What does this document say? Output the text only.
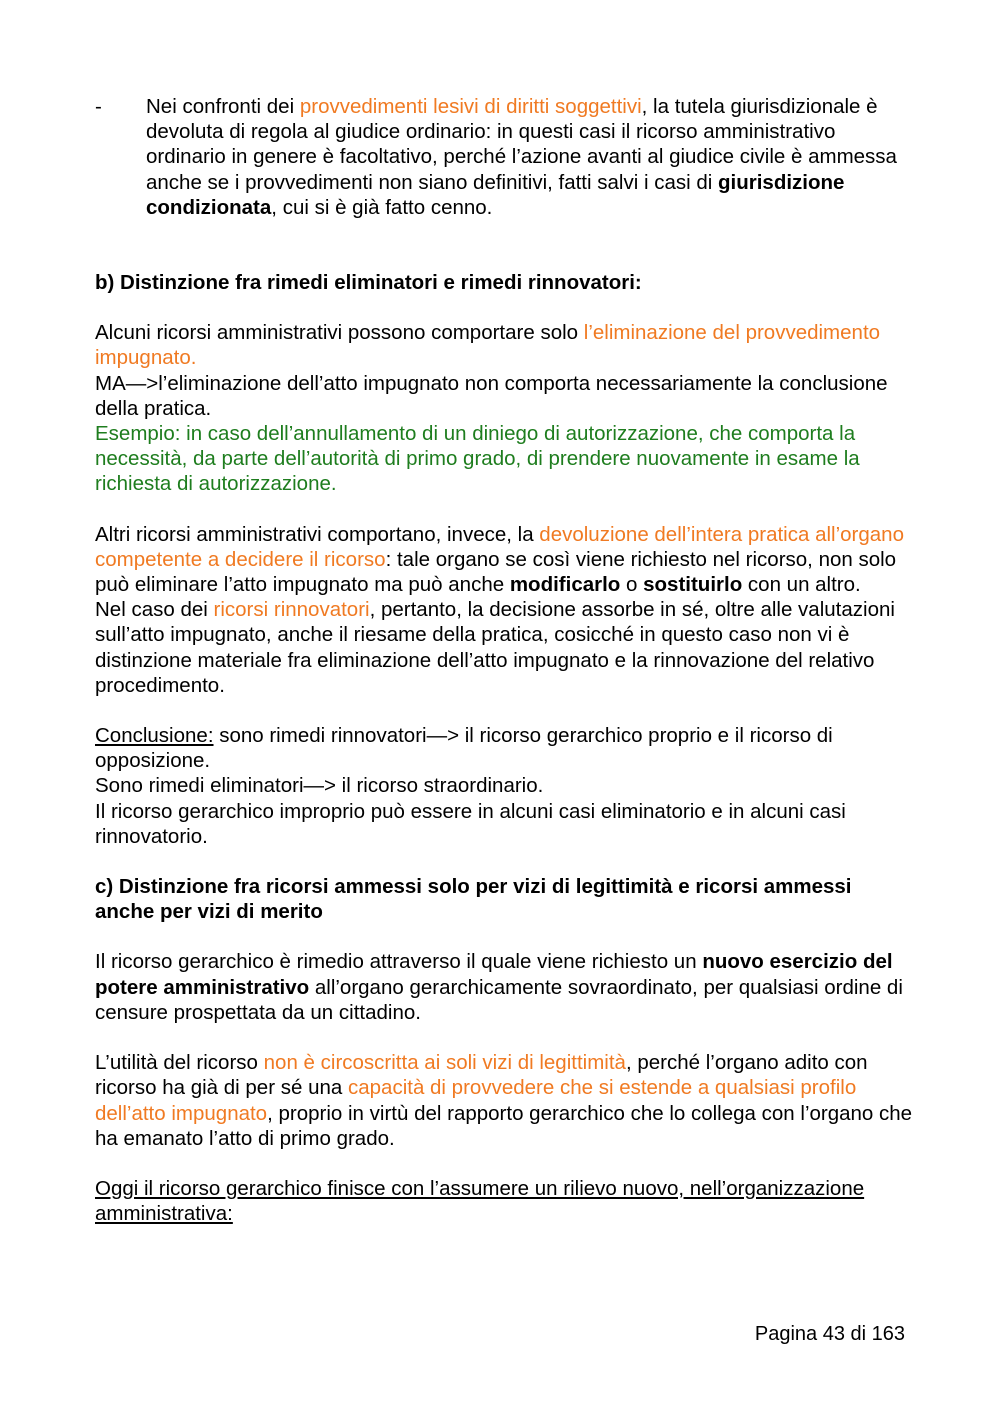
- Nei confronti dei provvedimenti lesivi di diritti soggettivi, la tutela giurisdizionale è devoluta di regola al giudice ordinario: in questi casi il ricorso amministrativo ordinario in genere è facoltativo, perché l’azione avanti al giudice civile è ammessa anche se i provvedimenti non siano definitivi, fatti salvi i casi di giurisdizione condizionata, cui si è già fatto cenno.

b) Distinzione fra rimedi eliminatori e rimedi rinnovatori:

Alcuni ricorsi amministrativi possono comportare solo l’eliminazione del provvedimento impugnato.

MA—>l’eliminazione dell’atto impugnato non comporta necessariamente la conclusione della pratica.

Esempio: in caso dell’annullamento di un diniego di autorizzazione, che comporta la necessità, da parte dell’autorità di primo grado, di prendere nuovamente in esame la richiesta di autorizzazione.

Altri ricorsi amministrativi comportano, invece, la devoluzione dell’intera pratica all’organo competente a decidere il ricorso: tale organo se così viene richiesto nel ricorso, non solo può eliminare l’atto impugnato ma può anche modificarlo o sostituirlo con un altro.

Nel caso dei ricorsi rinnovatori, pertanto, la decisione assorbe in sé, oltre alle valutazioni sull’atto impugnato, anche il riesame della pratica, cosicché in questo caso non vi è distinzione materiale fra eliminazione dell’atto impugnato e la rinnovazione del relativo procedimento.

Conclusione: sono rimedi rinnovatori—> il ricorso gerarchico proprio e il ricorso di opposizione.

Sono rimedi eliminatori—> il ricorso straordinario.

Il ricorso gerarchico improprio può essere in alcuni casi eliminatorio e in alcuni casi rinnovatorio.

c) Distinzione fra ricorsi ammessi solo per vizi di legittimità e ricorsi ammessi anche per vizi di merito

Il ricorso gerarchico è rimedio attraverso il quale viene richiesto un nuovo esercizio del potere amministrativo all’organo gerarchicamente sovraordinato, per qualsiasi ordine di censure prospettata da un cittadino.

L’utilità del ricorso non è circoscritta ai soli vizi di legittimità, perché l’organo adito con ricorso ha già di per sé una capacità di provvedere che si estende a qualsiasi profilo dell’atto impugnato, proprio in virtù del rapporto gerarchico che lo collega con l’organo che ha emanato l’atto di primo grado.

Oggi il ricorso gerarchico finisce con l’assumere un rilievo nuovo, nell’organizzazione amministrativa:

Pagina 43 di 163
